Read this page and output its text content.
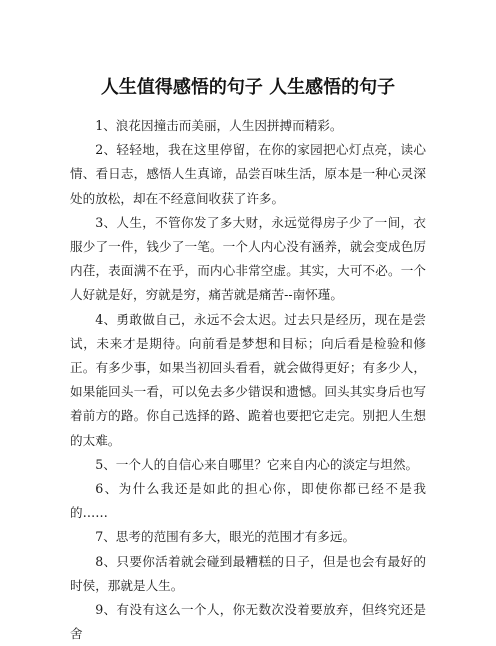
人生值得感悟的句子 人生感悟的句子

1、浪花因撞击而美丽，人生因拼搏而精彩。

2、轻轻地，我在这里停留，在你的家园把心灯点亮，读心情、看日志，感悟人生真谛，品尝百味生活，原本是一种心灵深处的放松，却在不经意间收获了许多。

3、人生，不管你发了多大财，永远觉得房子少了一间，衣服少了一件，钱少了一笔。一个人内心没有涵养，就会变成色厉内荏，表面满不在乎，而内心非常空虚。其实，大可不必。一个人好就是好，穷就是穷，痛苦就是痛苦--南怀瑾。

4、勇敢做自己，永远不会太迟。过去只是经历，现在是尝试，未来才是期待。向前看是梦想和目标；向后看是检验和修正。有多少事，如果当初回头看看，就会做得更好；有多少人，如果能回头一看，可以免去多少错误和遗憾。回头其实身后也写着前方的路。你自己选择的路、跪着也要把它走完。别把人生想的太难。

5、一个人的自信心来自哪里？它来自内心的淡定与坦然。

6、为什么我还是如此的担心你，即使你都已经不是我的……

7、思考的范围有多大，眼光的范围才有多远。

8、只要你活着就会碰到最糟糕的日子，但是也会有最好的时侯，那就是人生。

9、有没有这么一个人，你无数次没着要放弃，但终究还是舍
